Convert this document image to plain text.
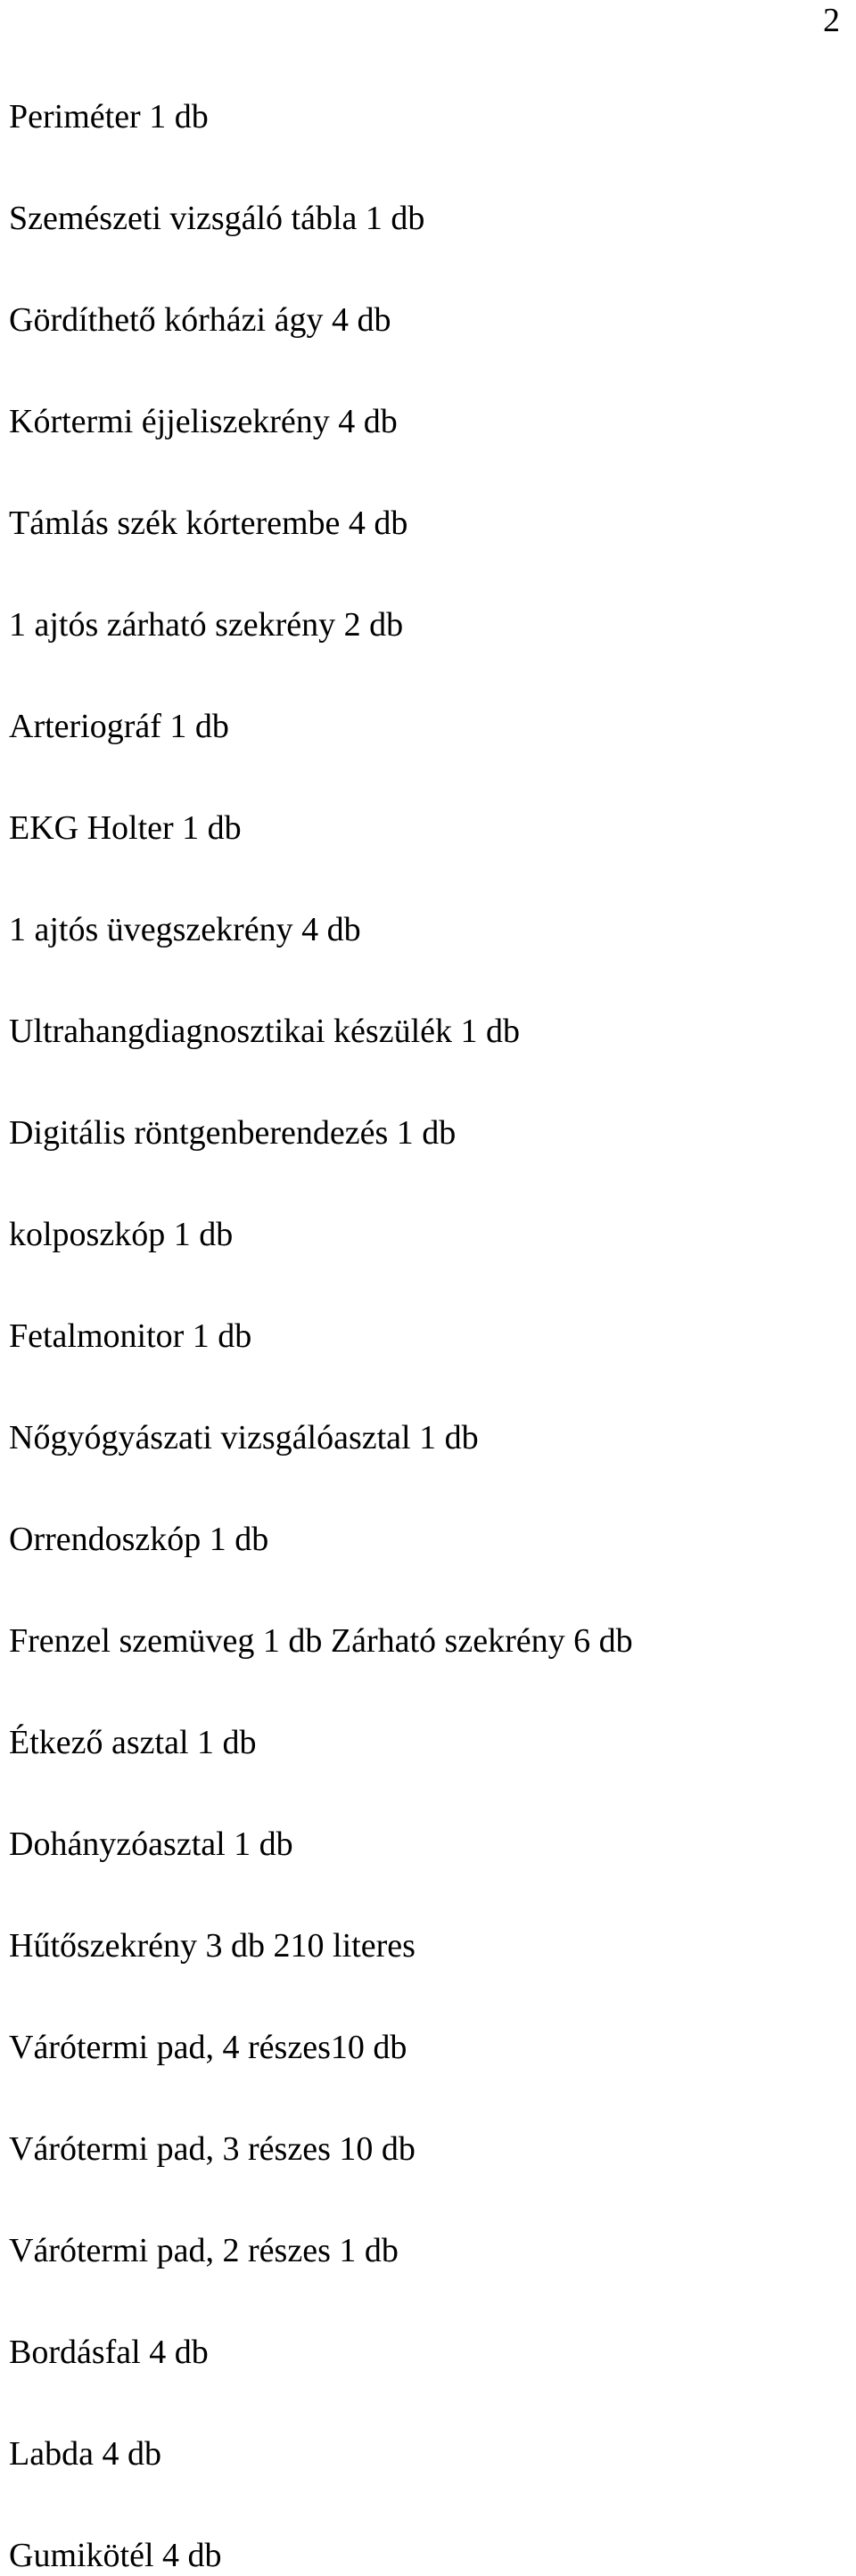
2
Periméter 1 db
Szemészeti vizsgáló tábla 1 db
Gördíthető kórházi ágy 4 db
Kórtermi éjjeliszekrény 4 db
Támlás szék kórterembe 4 db
1 ajtós zárható szekrény 2 db
Arteriográf 1 db
EKG Holter 1 db
1 ajtós üvegszekrény 4 db
Ultrahangdiagnosztikai készülék 1 db
Digitális röntgenberendezés 1 db
kolposzkóp 1 db
Fetalmonitor 1 db
Nőgyógyászati vizsgálóasztal 1 db
Orrendoszkóp 1 db
Frenzel szemüveg 1 db Zárható szekrény 6 db
Étkező asztal 1 db
Dohányzóasztal 1 db
Hűtőszekrény 3 db 210 literes
Várótermi pad, 4 részes10 db
Várótermi pad, 3 részes 10 db
Várótermi pad, 2 részes 1 db
Bordásfal 4 db
Labda 4 db
Gumikötél 4 db
